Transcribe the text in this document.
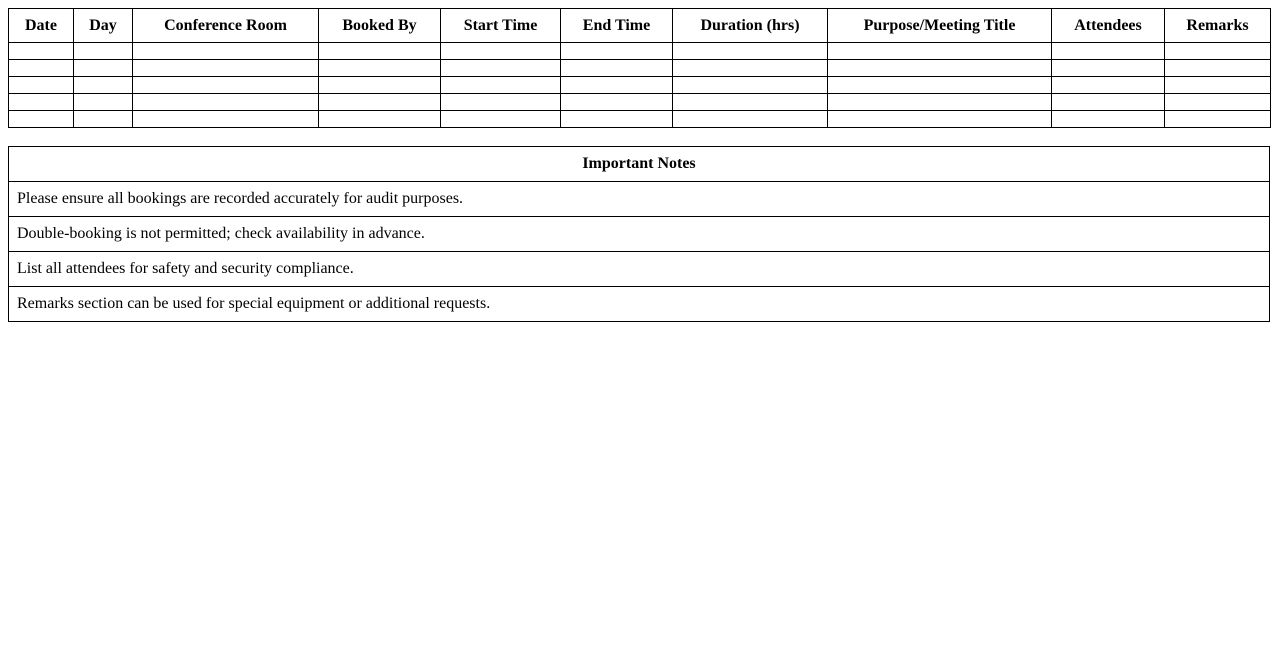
Date	Day	Conference Room	Booked By	Start Time	End Time	Duration (hrs)	Purpose/Meeting Title	Attendees	Remarks

Important Notes
Please ensure all bookings are recorded accurately for audit purposes.
Double-booking is not permitted; check availability in advance.
List all attendees for safety and security compliance.
Remarks section can be used for special equipment or additional requests.
